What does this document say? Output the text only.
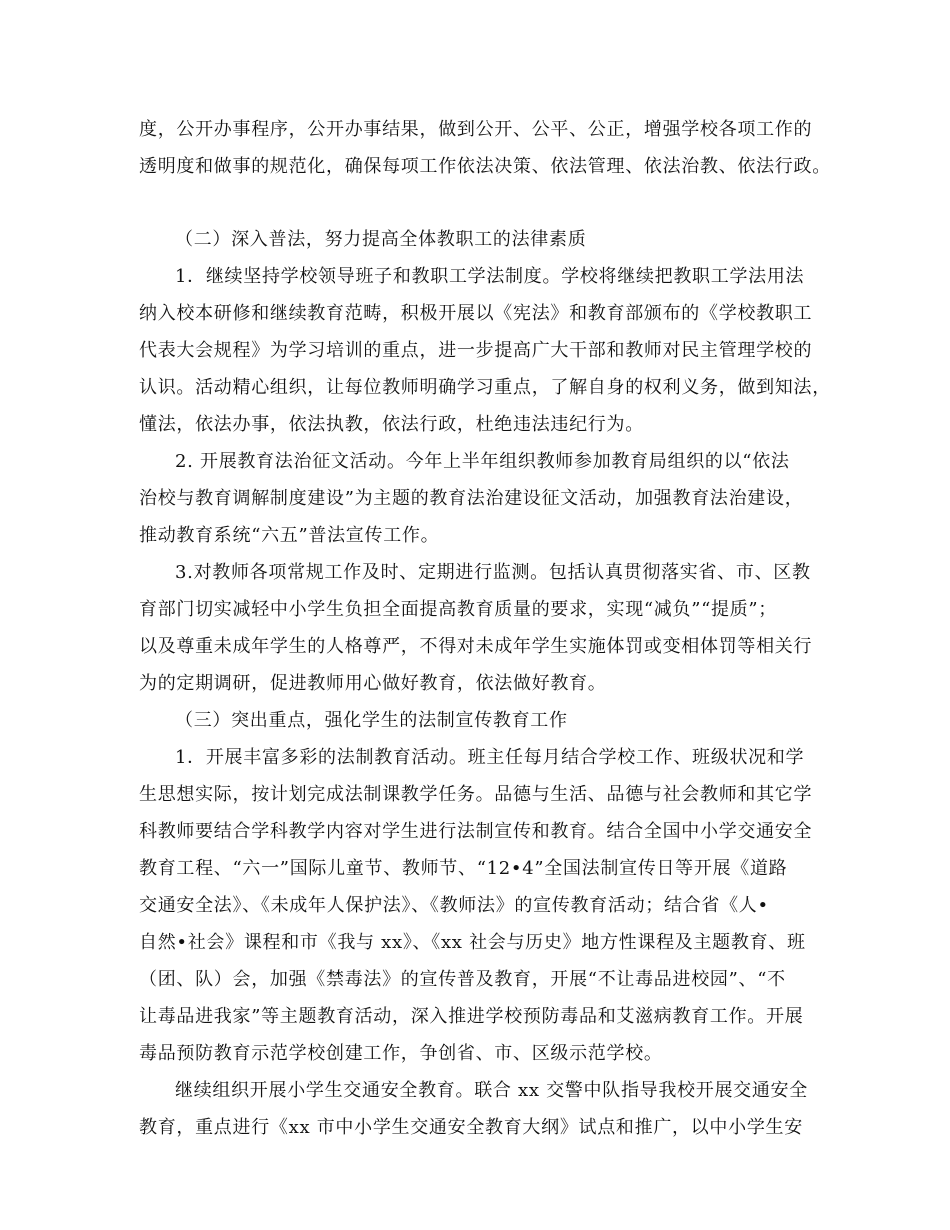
度，公开办事程序，公开办事结果，做到公开、公平、公正，增强学校各项工作的

透明度和做事的规范化，确保每项工作依法决策、依法管理、依法治教、依法行政。

（二）深入普法，努力提高全体教职工的法律素质

1．继续坚持学校领导班子和教职工学法制度。学校将继续把教职工学法用法

纳入校本研修和继续教育范畴，积极开展以《宪法》和教育部颁布的《学校教职工

代表大会规程》为学习培训的重点，进一步提高广大干部和教师对民主管理学校的

认识。活动精心组织，让每位教师明确学习重点，了解自身的权利义务，做到知法，

懂法，依法办事，依法执教，依法行政，杜绝违法违纪行为。

2. 开展教育法治征文活动。今年上半年组织教师参加教育局组织的以“依法

治校与教育调解制度建设”为主题的教育法治建设征文活动，加强教育法治建设，

推动教育系统“六五”普法宣传工作。

3.对教师各项常规工作及时、定期进行监测。包括认真贯彻落实省、市、区教

育部门切实减轻中小学生负担全面提高教育质量的要求，实现“减负”“提质”；

以及尊重未成年学生的人格尊严，不得对未成年学生实施体罚或变相体罚等相关行

为的定期调研，促进教师用心做好教育，依法做好教育。

（三）突出重点，强化学生的法制宣传教育工作

1．开展丰富多彩的法制教育活动。班主任每月结合学校工作、班级状况和学

生思想实际，按计划完成法制课教学任务。品德与生活、品德与社会教师和其它学

科教师要结合学科教学内容对学生进行法制宣传和教育。结合全国中小学交通安全

教育工程、“六一”国际儿童节、教师节、“12•4”全国法制宣传日等开展《道路

交通安全法》、《未成年人保护法》、《教师法》的宣传教育活动；结合省《人•

自然•社会》课程和市《我与 xx》、《xx 社会与历史》地方性课程及主题教育、班

（团、队）会，加强《禁毒法》的宣传普及教育，开展“不让毒品进校园”、“不

让毒品进我家”等主题教育活动，深入推进学校预防毒品和艾滋病教育工作。开展

毒品预防教育示范学校创建工作，争创省、市、区级示范学校。

继续组织开展小学生交通安全教育。联合 xx 交警中队指导我校开展交通安全

教育，重点进行《xx 市中小学生交通安全教育大纲》试点和推广，以中小学生安
